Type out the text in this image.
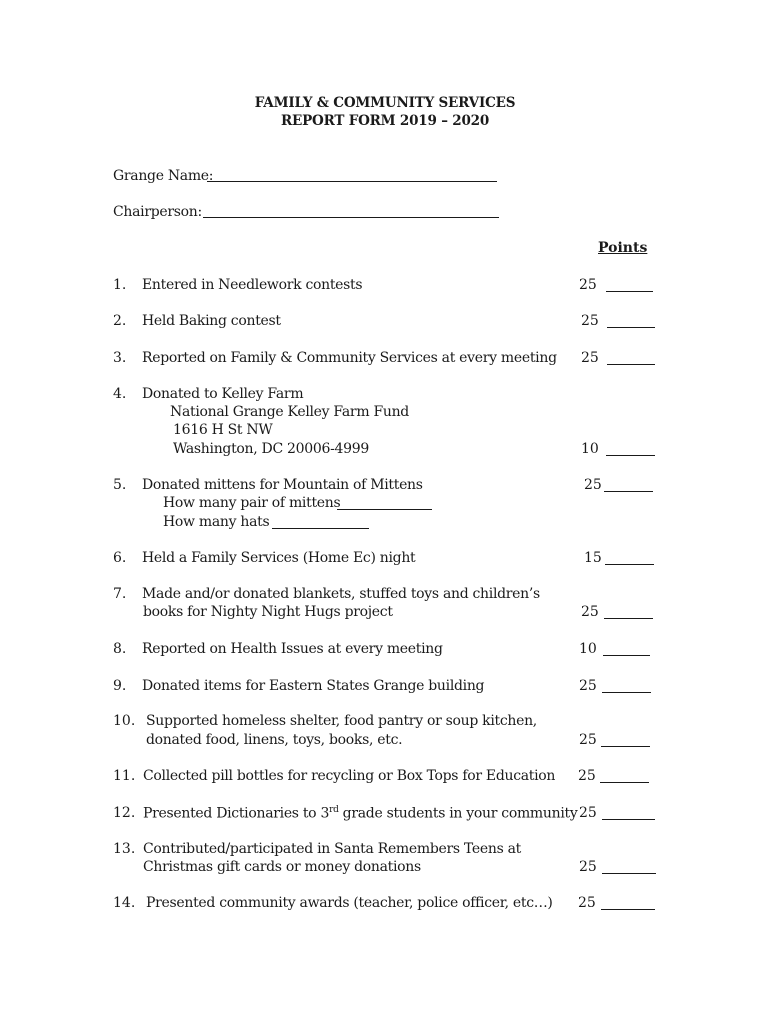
FAMILY & COMMUNITY SERVICES
REPORT FORM 2019 – 2020
Grange Name:
Chairperson:
Points
1. Entered in Needlework contests	25
2. Held Baking contest	25
3. Reported on Family & Community Services at every meeting 25
4. Donated to Kelley Farm
National Grange Kelley Farm Fund
1616 H St NW
Washington, DC 20006-4999	10
5. Donated mittens for Mountain of Mittens	25
How many pair of mittens
How many hats
6. Held a Family Services (Home Ec) night	15
7. Made and/or donated blankets, stuffed toys and children’s
books for Nighty Night Hugs project	25
8. Reported on Health Issues at every meeting	10
9. Donated items for Eastern States Grange building	25
10. Supported homeless shelter, food pantry or soup kitchen,
donated food, linens, toys, books, etc.	25
11. Collected pill bottles for recycling or Box Tops for Education 25
12. Presented Dictionaries to 3rd grade students in your community 25
13. Contributed/participated in Santa Remembers Teens at
Christmas gift cards or money donations	25
14. Presented community awards (teacher, police officer, etc…) 25
